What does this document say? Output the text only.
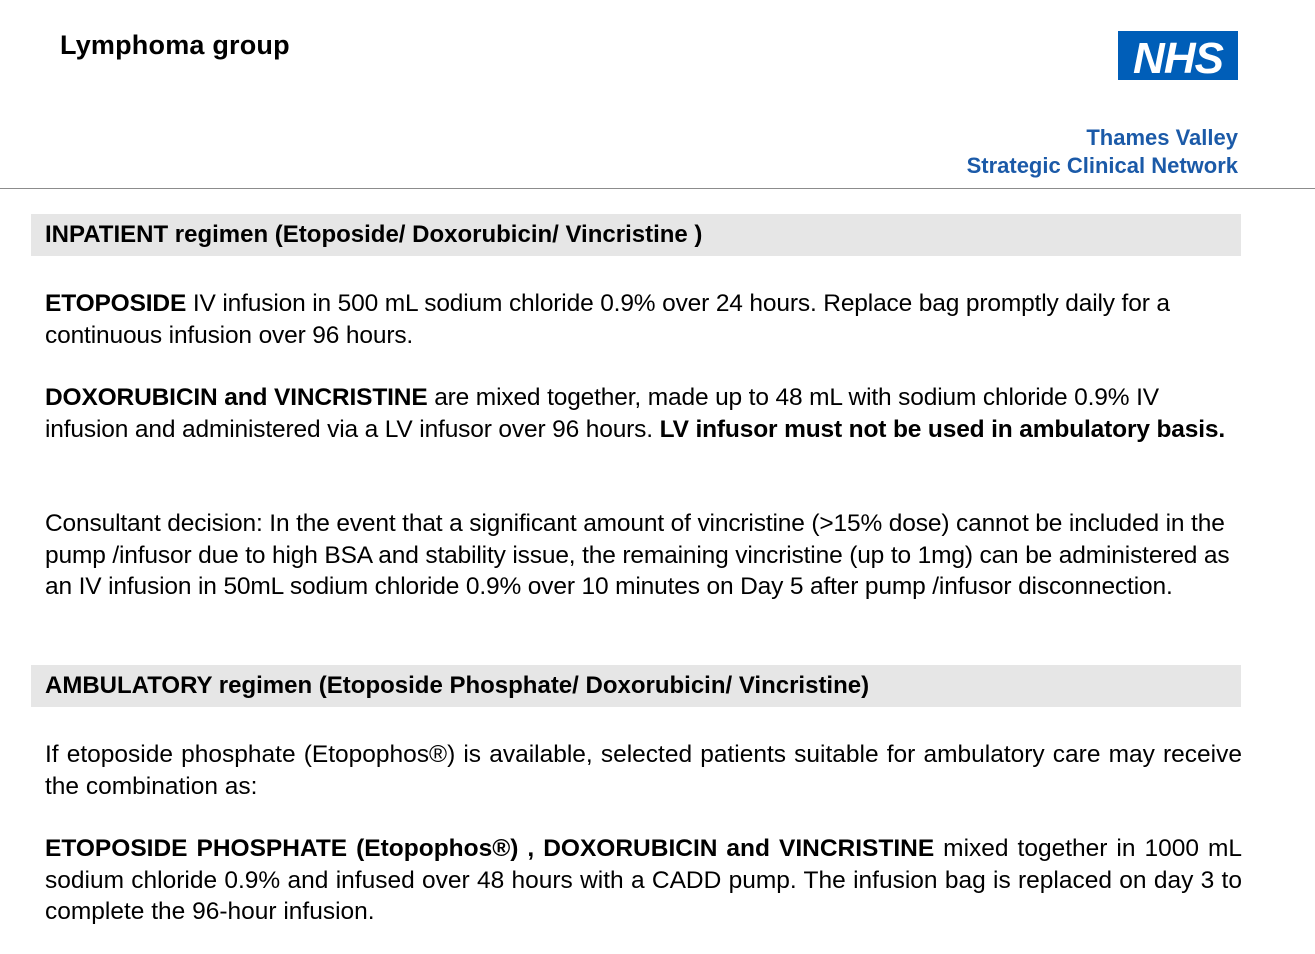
Lymphoma group	NHS
Thames Valley
Strategic Clinical Network
INPATIENT regimen (Etoposide/ Doxorubicin/ Vincristine )
ETOPOSIDE IV infusion in 500 mL sodium chloride 0.9% over 24 hours. Replace bag promptly daily for a continuous infusion over 96 hours.
DOXORUBICIN and VINCRISTINE are mixed together, made up to 48 mL with sodium chloride 0.9% IV infusion and administered via a LV infusor over 96 hours. LV infusor must not be used in ambulatory basis.
Consultant decision: In the event that a significant amount of vincristine (>15% dose) cannot be included in the pump /infusor due to high BSA and stability issue, the remaining vincristine (up to 1mg) can be administered as an IV infusion in 50mL sodium chloride 0.9% over 10 minutes on Day 5 after pump /infusor disconnection.
AMBULATORY regimen (Etoposide Phosphate/ Doxorubicin/ Vincristine)
If etoposide phosphate (Etopophos®) is available, selected patients suitable for ambulatory care may receive the combination as:
ETOPOSIDE PHOSPHATE (Etopophos®) , DOXORUBICIN and VINCRISTINE mixed together in 1000 mL sodium chloride 0.9% and infused over 48 hours with a CADD pump. The infusion bag is replaced on day 3 to complete the 96-hour infusion.
